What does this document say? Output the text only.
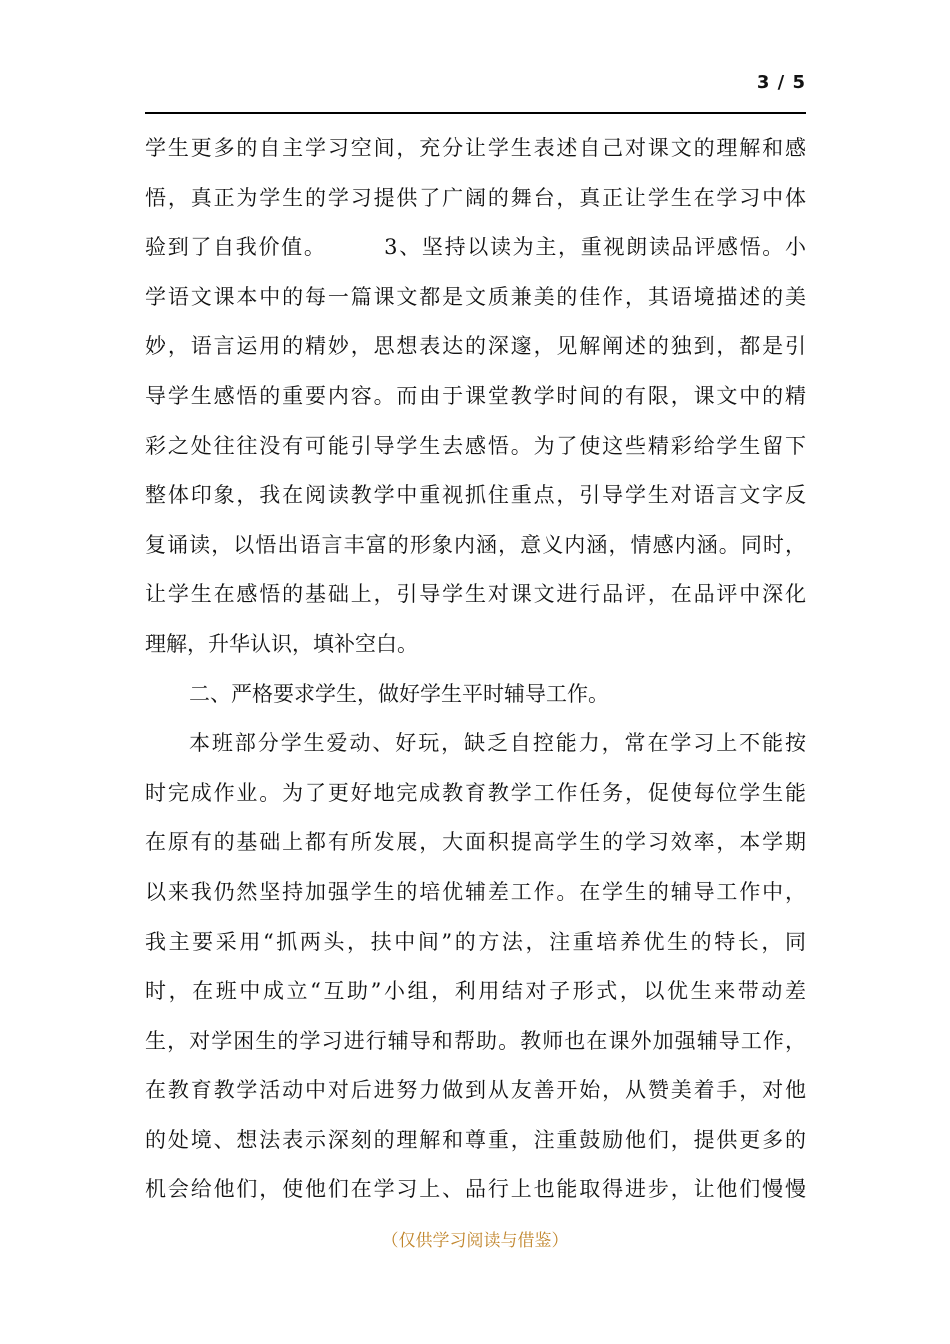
3 / 5
学生更多的自主学习空间，充分让学生表述自己对课文的理解和感
悟，真正为学生的学习提供了广阔的舞台，真正让学生在学习中体
验到了自我价值。　　　3、坚持以读为主，重视朗读品评感悟。小
学语文课本中的每一篇课文都是文质兼美的佳作，其语境描述的美
妙，语言运用的精妙，思想表达的深邃，见解阐述的独到，都是引
导学生感悟的重要内容。而由于课堂教学时间的有限，课文中的精
彩之处往往没有可能引导学生去感悟。为了使这些精彩给学生留下
整体印象，我在阅读教学中重视抓住重点，引导学生对语言文字反
复诵读，以悟出语言丰富的形象内涵，意义内涵，情感内涵。同时，
让学生在感悟的基础上，引导学生对课文进行品评，在品评中深化
理解，升华认识，填补空白。
二、严格要求学生，做好学生平时辅导工作。
本班部分学生爱动、好玩，缺乏自控能力，常在学习上不能按
时完成作业。为了更好地完成教育教学工作任务，促使每位学生能
在原有的基础上都有所发展，大面积提高学生的学习效率，本学期
以来我仍然坚持加强学生的培优辅差工作。在学生的辅导工作中，
我主要采用“抓两头，扶中间”的方法，注重培养优生的特长，同
时，在班中成立“互助”小组，利用结对子形式，以优生来带动差
生，对学困生的学习进行辅导和帮助。教师也在课外加强辅导工作，
在教育教学活动中对后进努力做到从友善开始，从赞美着手，对他
的处境、想法表示深刻的理解和尊重，注重鼓励他们，提供更多的
机会给他们，使他们在学习上、品行上也能取得进步，让他们慢慢
（仅供学习阅读与借鉴）
